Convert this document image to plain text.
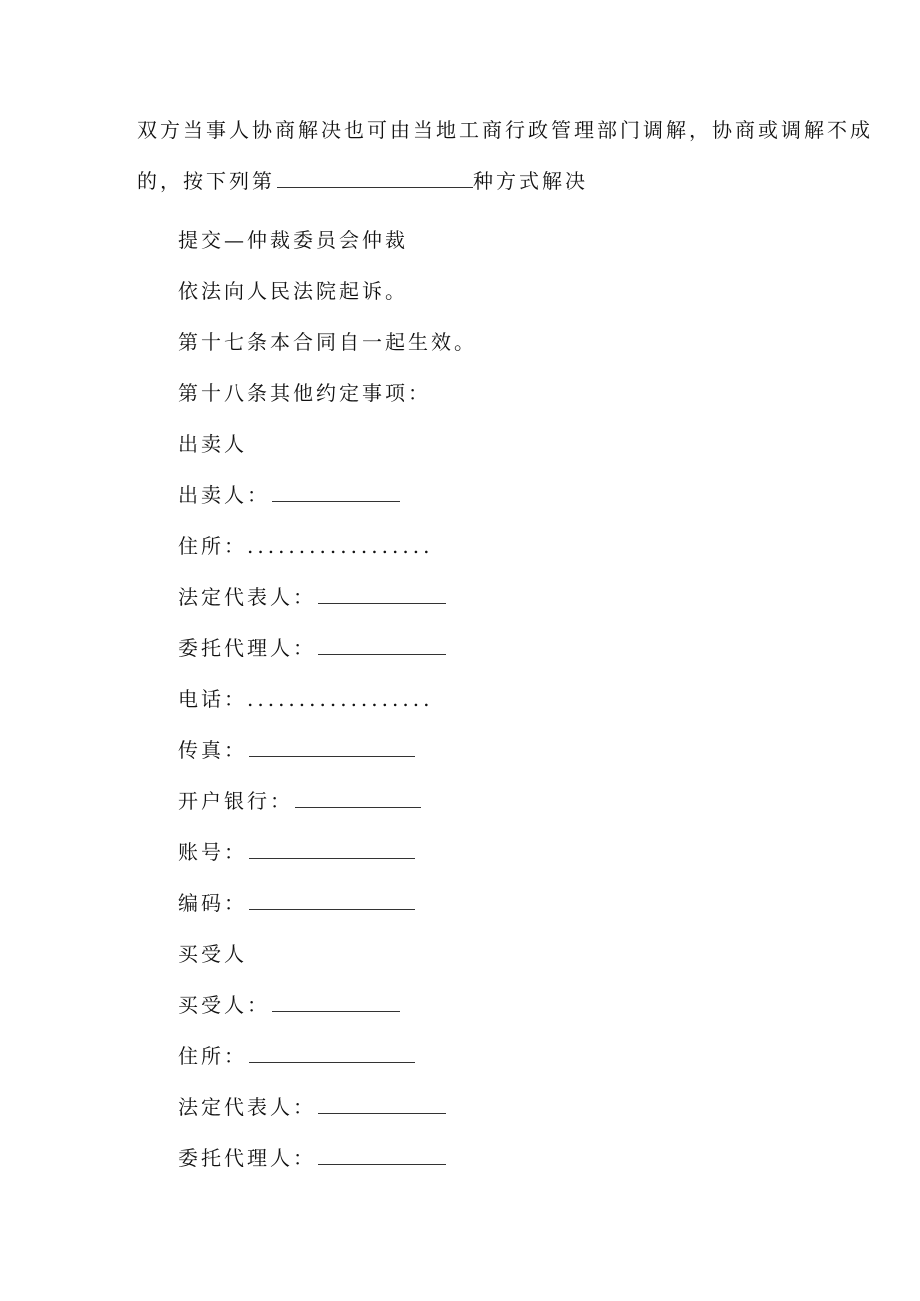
双方当事人协商解决也可由当地工商行政管理部门调解，协商或调解不成
的，按下列第	种方式解决
提交—仲裁委员会仲裁
依法向人民法院起诉。
第十七条本合同自一起生效。
第十八条其他约定事项：
出卖人
出卖人：
住所：..................
法定代表人：
委托代理人：
电话：..................
传真：
开户银行：
账号：
编码：
买受人
买受人：
住所：
法定代表人：
委托代理人：
